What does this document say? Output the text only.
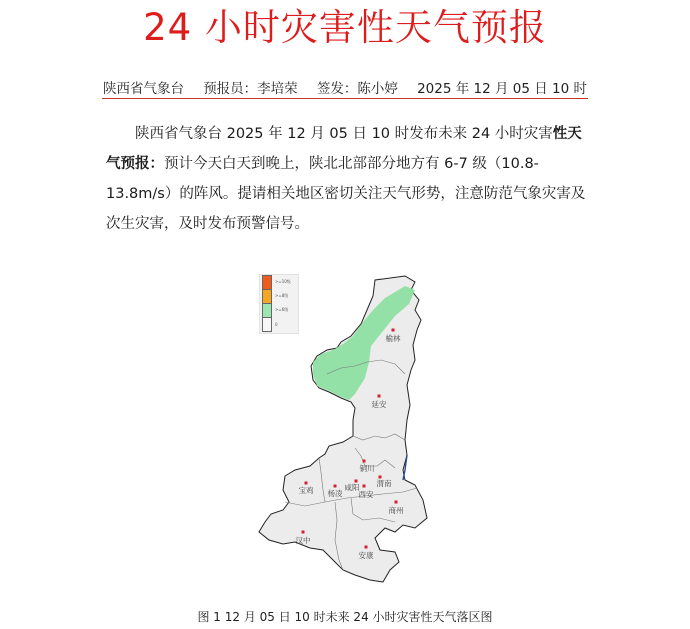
24 小时灾害性天气预报
陕西省气象台 预报员：李培荣 签发：陈小婷 2025 年 12 月 05 日 10 时

陕西省气象台 2025 年 12 月 05 日 10 时发布未来 24 小时灾害性天气预报：预计今天白天到晚上，陕北北部部分地方有 6-7 级（10.8-13.8m/s）的阵风。提请相关地区密切关注天气形势，注意防范气象灾害及次生灾害，及时发布预警信号。

>=10级
>=8级
>=6级
0
榆林
延安
铜川
渭南
宝鸡 杨凌
咸阳
西安
商州
汉中
安康
图 1 12 月 05 日 10 时未来 24 小时灾害性天气落区图
